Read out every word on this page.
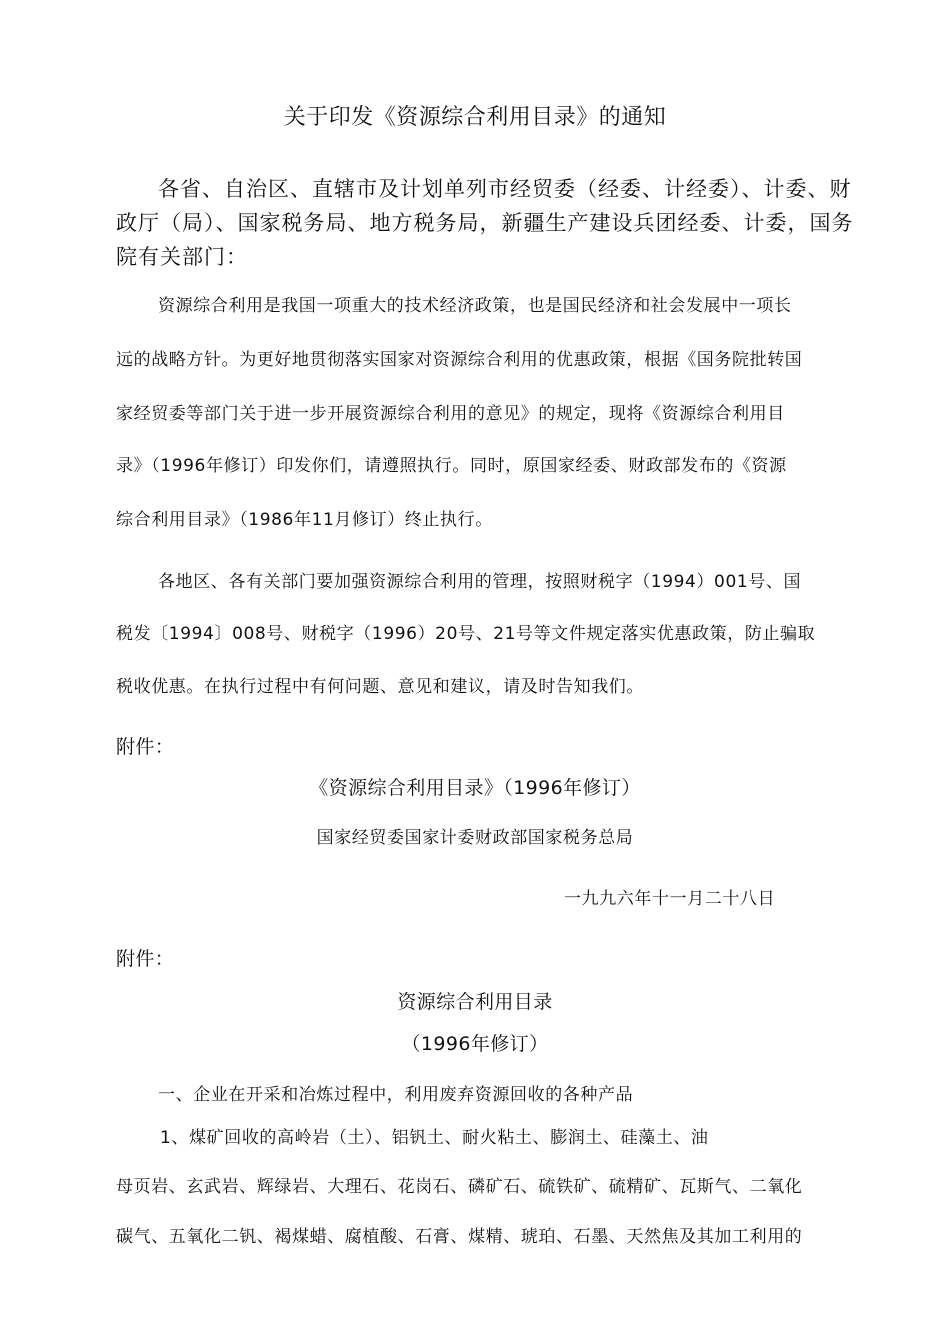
关于印发《资源综合利用目录》的通知

各省、自治区、直辖市及计划单列市经贸委（经委、计经委）、计委、财

政厅（局）、国家税务局、地方税务局，新疆生产建设兵团经委、计委，国务

院有关部门：

资源综合利用是我国一项重大的技术经济政策，也是国民经济和社会发展中一项长

远的战略方针。为更好地贯彻落实国家对资源综合利用的优惠政策，根据《国务院批转国

家经贸委等部门关于进一步开展资源综合利用的意见》的规定，现将《资源综合利用目

录》（1996年修订）印发你们，请遵照执行。同时，原国家经委、财政部发布的《资源

综合利用目录》（1986年11月修订）终止执行。

各地区、各有关部门要加强资源综合利用的管理，按照财税字（1994）001号、国

税发〔1994〕008号、财税字（1996）20号、21号等文件规定落实优惠政策，防止骗取

税收优惠。在执行过程中有何问题、意见和建议，请及时告知我们。

附件：

《资源综合利用目录》（1996年修订）

国家经贸委国家计委财政部国家税务总局

一九九六年十一月二十八日

附件：

资源综合利用目录

（1996年修订）

一、企业在开采和冶炼过程中，利用废弃资源回收的各种产品

1、煤矿回收的高岭岩（土）、铝钒土、耐火粘土、膨润土、硅藻土、油

母页岩、玄武岩、辉绿岩、大理石、花岗石、磷矿石、硫铁矿、硫精矿、瓦斯气、二氧化

碳气、五氧化二钒、褐煤蜡、腐植酸、石膏、煤精、琥珀、石墨、天然焦及其加工利用的
